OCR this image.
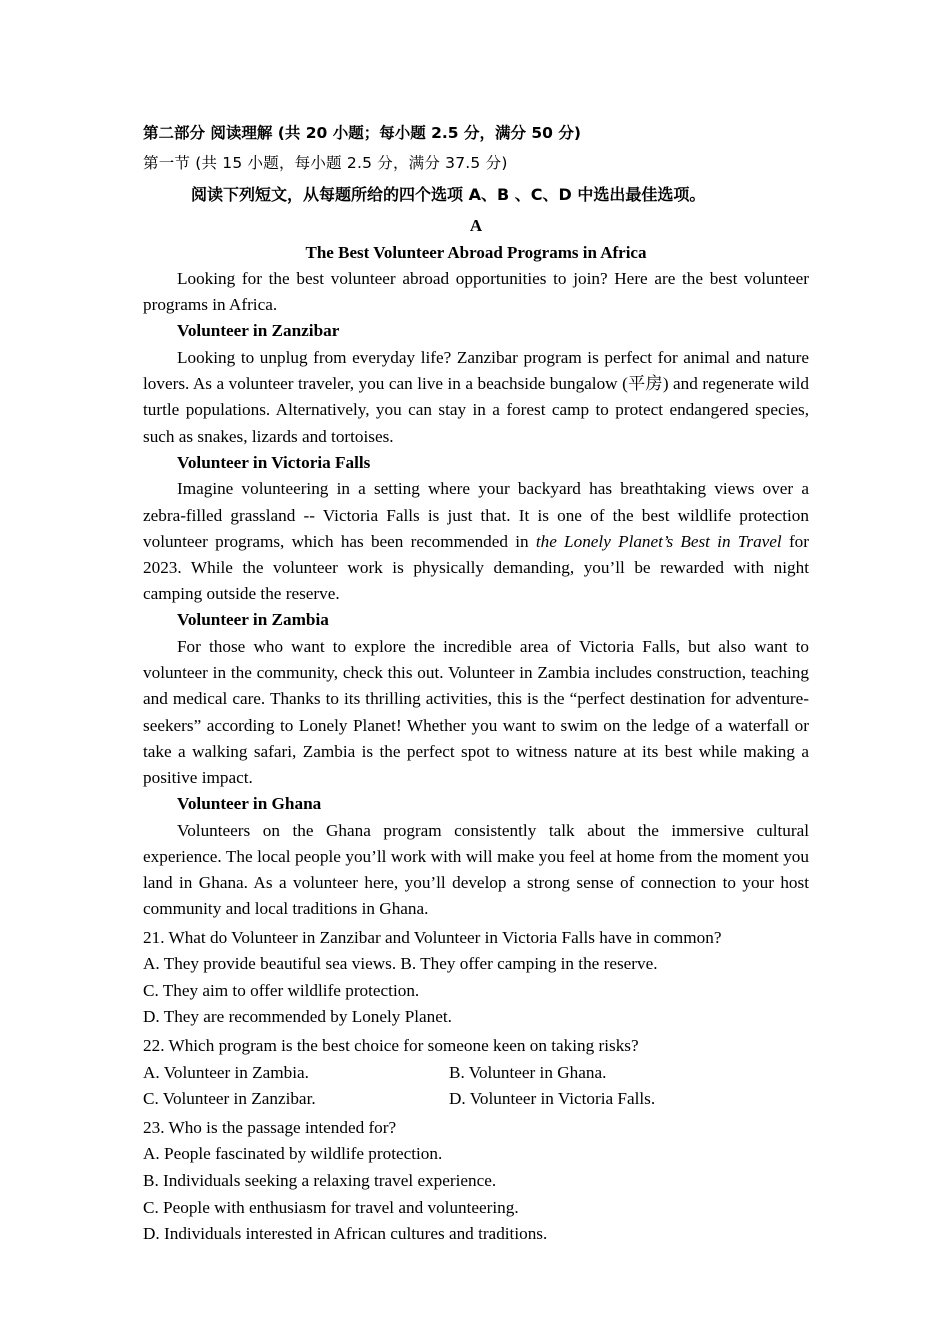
第二部分 阅读理解 (共 20 小题；每小题 2.5 分，满分 50 分)
第一节 (共 15 小题，每小题 2.5 分，满分 37.5 分)
阅读下列短文，从每题所给的四个选项 A、B 、C、D 中选出最佳选项。
A
The Best Volunteer Abroad Programs in Africa

Looking for the best volunteer abroad opportunities to join? Here are the best volunteer programs in Africa.

Volunteer in Zanzibar

Looking to unplug from everyday life? Zanzibar program is perfect for animal and nature lovers. As a volunteer traveler, you can live in a beachside bungalow (平房) and regenerate wild turtle populations. Alternatively, you can stay in a forest camp to protect endangered species, such as snakes, lizards and tortoises.

Volunteer in Victoria Falls

Imagine volunteering in a setting where your backyard has breathtaking views over a zebra-filled grassland -- Victoria Falls is just that. It is one of the best wildlife protection volunteer programs, which has been recommended in the Lonely Planet’s Best in Travel for 2023. While the volunteer work is physically demanding, you’ll be rewarded with night camping outside the reserve.

Volunteer in Zambia

For those who want to explore the incredible area of Victoria Falls, but also want to volunteer in the community, check this out. Volunteer in Zambia includes construction, teaching and medical care. Thanks to its thrilling activities, this is the “perfect destination for adventure-seekers” according to Lonely Planet! Whether you want to swim on the ledge of a waterfall or take a walking safari, Zambia is the perfect spot to witness nature at its best while making a positive impact.

Volunteer in Ghana

Volunteers on the Ghana program consistently talk about the immersive cultural experience. The local people you’ll work with will make you feel at home from the moment you land in Ghana. As a volunteer here, you’ll develop a strong sense of connection to your host community and local traditions in Ghana.

21. What do Volunteer in Zanzibar and Volunteer in Victoria Falls have in common?

A. They provide beautiful sea views. B. They offer camping in the reserve.

C. They aim to offer wildlife protection.

D. They are recommended by Lonely Planet.

22. Which program is the best choice for someone keen on taking risks?

A. Volunteer in Zambia.	B. Volunteer in Ghana.
C. Volunteer in Zanzibar.	D. Volunteer in Victoria Falls.

23. Who is the passage intended for?

A. People fascinated by wildlife protection.

B. Individuals seeking a relaxing travel experience.

C. People with enthusiasm for travel and volunteering.

D. Individuals interested in African cultures and traditions.
